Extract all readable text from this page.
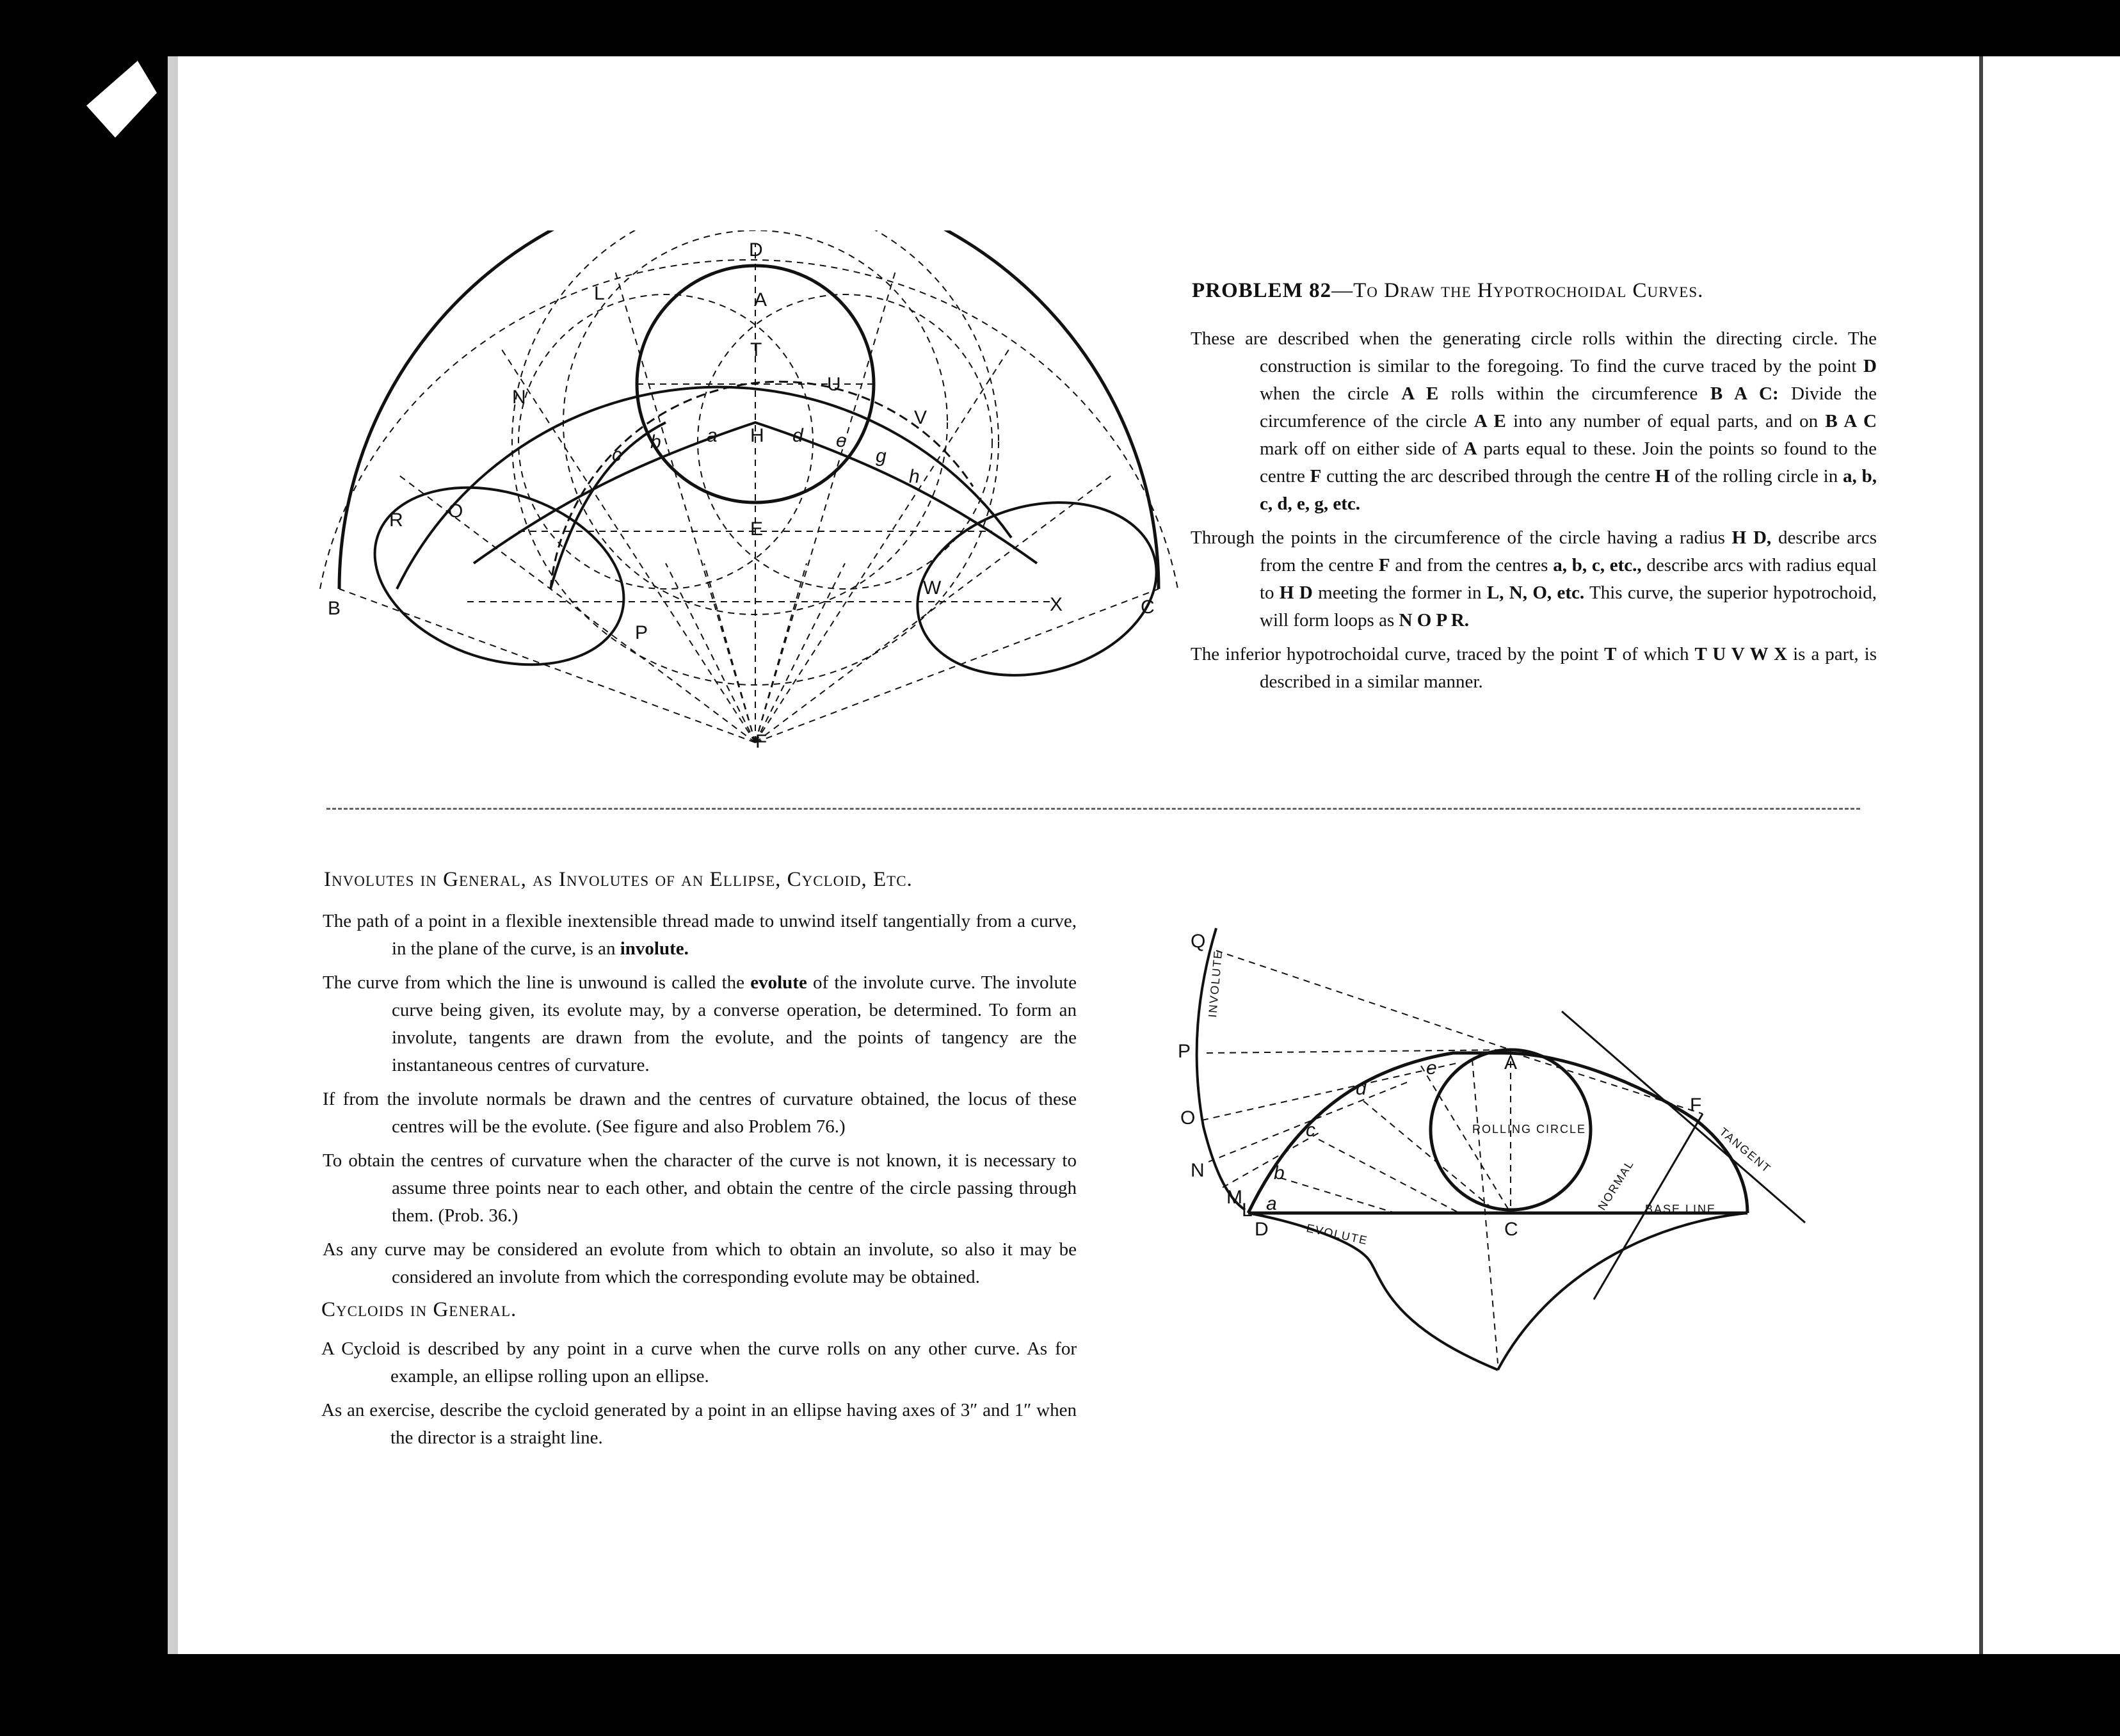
D
A
L
T
U
N
V
b a H d e
c	g
h
R O
E
W
X
B	C
P
F
PROBLEM 82—To Draw the Hypotrochoidal Curves.

These are described when the generating circle rolls within the directing circle. The construction is similar to the foregoing. To find the curve traced by the point D when the circle A E rolls within the circumference B A C: Divide the circumference of the circle A E into any number of equal parts, and on B A C mark off on either side of A parts equal to these. Join the points so found to the centre F cutting the arc described through the centre H of the rolling circle in a, b, c, d, e, g, etc.

Through the points in the circumference of the circle having a radius H D, describe arcs from the centre F and from the centres a, b, c, etc., describe arcs with radius equal to H D meeting the former in L, N, O, etc. This curve, the superior hypotrochoid, will form loops as N O P R.

The inferior hypotrochoidal curve, traced by the point T of which T U V W X is a part, is described in a similar manner.

Involutes in General, as Involutes of an Ellipse, Cycloid, Etc.

The path of a point in a flexible inextensible thread made to unwind itself tangentially from a curve, in the plane of the curve, is an involute.

The curve from which the line is unwound is called the evolute of the involute curve. The involute curve being given, its evolute may, by a converse operation, be determined. To form an involute, tangents are drawn from the evolute, and the points of tangency are the instantaneous centres of curvature.

If from the involute normals be drawn and the centres of curvature obtained, the locus of these centres will be the evolute. (See figure and also Problem 76.)

To obtain the centres of curvature when the character of the curve is not known, it is necessary to assume three points near to each other, and obtain the centre of the circle passing through them. (Prob. 36.)

As any curve may be considered an evolute from which to obtain an involute, so also it may be considered an involute from which the corresponding evolute may be obtained.

Cycloids in General.

A Cycloid is described by any point in a curve when the curve rolls on any other curve. As for example, an ellipse rolling upon an ellipse.

As an exercise, describe the cycloid generated by a point in an ellipse having axes of 3″ and 1″ when the director is a straight line.

Q
P
O
N
M
L
D
A
C
F
a
b
c
d
e
ROLLING CIRCLE
BASE LINE
INVOLUTE
EVOLUTE
NORMAL
TANGENT
